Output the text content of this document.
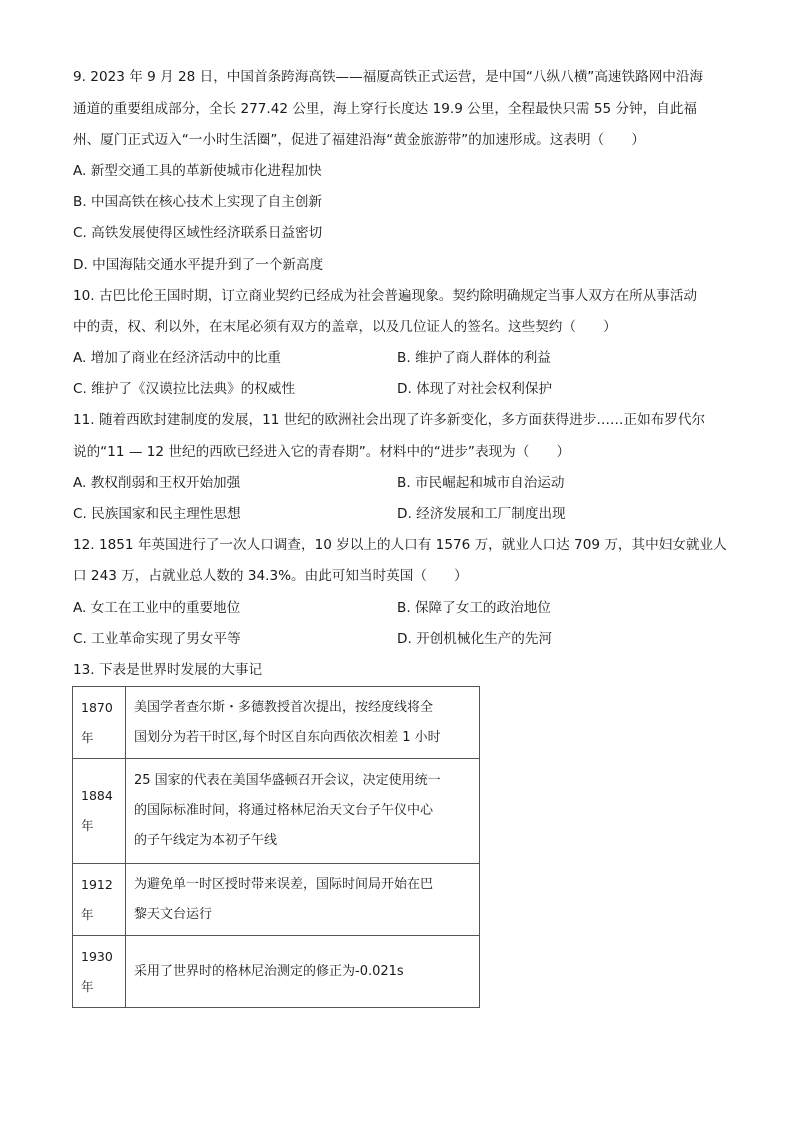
9. 2023 年 9 月 28 日，中国首条跨海高铁——福厦高铁正式运营，是中国“八纵八横”高速铁路网中沿海
通道的重要组成部分，全长 277.42 公里，海上穿行长度达 19.9 公里，全程最快只需 55 分钟，自此福
州、厦门正式迈入“一小时生活圈”，促进了福建沿海“黄金旅游带”的加速形成。这表明（　　）
A. 新型交通工具的革新使城市化进程加快
B. 中国高铁在核心技术上实现了自主创新
C. 高铁发展使得区域性经济联系日益密切
D. 中国海陆交通水平提升到了一个新高度
10. 古巴比伦王国时期，订立商业契约已经成为社会普遍现象。契约除明确规定当事人双方在所从事活动
中的责，权、利以外，在末尾必须有双方的盖章，以及几位证人的签名。这些契约（　　）
A. 增加了商业在经济活动中的比重	B. 维护了商人群体的利益
C. 维护了《汉谟拉比法典》的权威性	D. 体现了对社会权利保护
11. 随着西欧封建制度的发展，11 世纪的欧洲社会出现了许多新变化，多方面获得进步……正如布罗代尔
说的“11 — 12 世纪的西欧已经进入它的青春期”。材料中的“进步”表现为（　　）
A. 教权削弱和王权开始加强	B. 市民崛起和城市自治运动
C. 民族国家和民主理性思想	D. 经济发展和工厂制度出现
12. 1851 年英国进行了一次人口调查，10 岁以上的人口有 1576 万，就业人口达 709 万，其中妇女就业人
口 243 万，占就业总人数的 34.3%。由此可知当时英国（　　）
A. 女工在工业中的重要地位	B. 保障了女工的政治地位
C. 工业革命实现了男女平等	D. 开创机械化生产的先河
13. 下表是世界时发展的大事记
1870
年	美国学者查尔斯・多德教授首次提出，按经度线将全
国划分为若干时区,每个时区自东向西依次相差 1 小时
1884
年	25 国家的代表在美国华盛顿召开会议，决定使用统一
的国际标准时间，将通过格林尼治天文台子午仪中心
的子午线定为本初子午线
1912
年	为避免单一时区授时带来误差，国际时间局开始在巴
黎天文台运行
1930
年	采用了世界时的格林尼治测定的修正为-0.021s
